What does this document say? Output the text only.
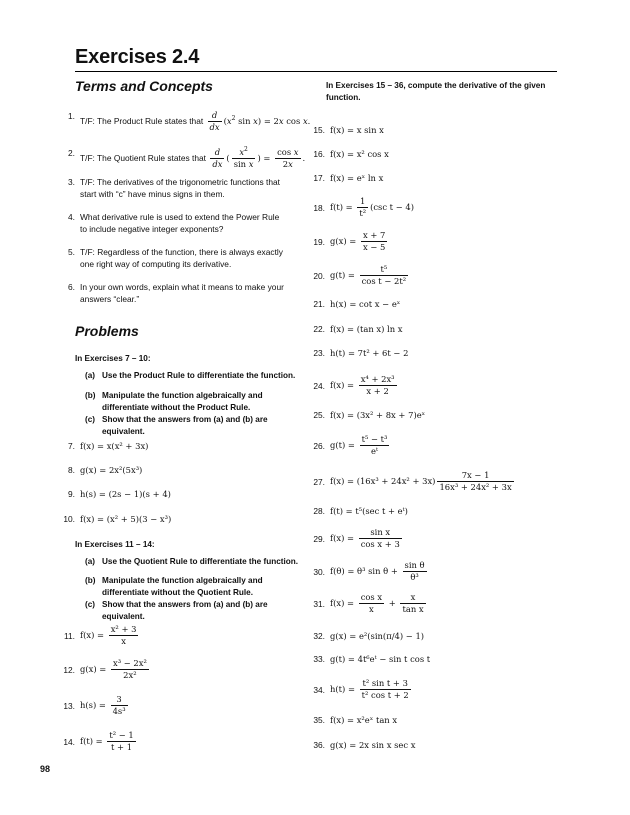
Exercises 2.4
Terms and Concepts
1. T/F: The Product Rule states that $\frac{d}{dx} (x^2$ sin x) = 2x cos x.
2. T/F: The Quotient Rule states that $\frac{d}{dx}$ ( $\frac{x^2}{\text{sin x}}$ ) = $\frac{\text{cos x}}{2x}$ .
3. T/F: The derivatives of the trigonometric functions that start with “c” have minus signs in them.
4. What derivative rule is used to extend the Power Rule to include negative integer exponents?
5. T/F: Regardless of the function, there is always exactly one right way of computing its derivative.
6. In your own words, explain what it means to make your answers “clear.”
Problems
In Exercises 7 – 10:
(a) Use the Product Rule to differentiate the function.
(b) Manipulate the function algebraically and differentiate without the Product Rule.
(c) Show that the answers from (a) and (b) are equivalent.
7. f(x) = x(x² + 3x)
8. g(x) = 2x²(5x³)
9. h(s) = (2s − 1)(s + 4)
10. f(x) = (x² + 5)(3 − x³)
In Exercises 11 – 14:
(a) Use the Quotient Rule to differentiate the function.
(b) Manipulate the function algebraically and differentiate without the Quotient Rule.
(c) Show that the answers from (a) and (b) are equivalent.
11. $f(x) = \frac{\text{x² + 3}}{x}$
12. $g(x) = \frac{\text{x³ − 2x²}}{\text{2x²}}$
13. $h(s) = \frac{3}{\text{4s³}}$
14. $f(t) = \frac{\text{t² − 1}}{t + 1}$
In Exercises 15 – 36, compute the derivative of the given function.
15. f(x) = x sin x
16. f(x) = x² cos x
17. f(x) = eˣ ln x
18. $f(t) = \frac{1}{\text{t²}} (\csc$ t − 4)
19. $g(x) = \frac{x + 7}{x - 5}$
20. $g(t) = \frac{\text{t⁵}}{\text{cos t − 2t²}}$
21. h(x) = cot x − eˣ
22. f(x) = (tan x) ln x
23. h(t) = 7t² + 6t − 2
24. $f(x) = \frac{\text{x⁴ + 2x³}}{x + 2}$
25. f(x) = (3x² + 8x + 7)eˣ
26. $g(t) = \frac{\text{t⁵ − t³}}{\text{eᵗ}}$
27. $f(x) = (16x^3 + 24x^2 + 3x) \frac{7x - 1}{\text{16x³ + 24x² + 3x}}$
28. f(t) = t⁵(sec t + eᵗ)
29. $f(x) = \frac{\text{sin x}}{\text{cos x + 3}}$
30. f(θ) = θ³ $\sin \theta + \frac{\text{sin θ}}{\text{θ³}}$
31. $f(x) = \frac{\text{cos x}}{x} + \frac{x}{\text{tan x}}$
32. g(x) = e²(sin(π/4) − 1)
33. g(t) = 4t⁶eᵗ − sin t cos t
34. $h(t) = \frac{\text{t² sin t + 3}}{\text{t² cos t + 2}}$
35. f(x) = x²eˣ tan x
36. g(x) = 2x sin x sec x
98
